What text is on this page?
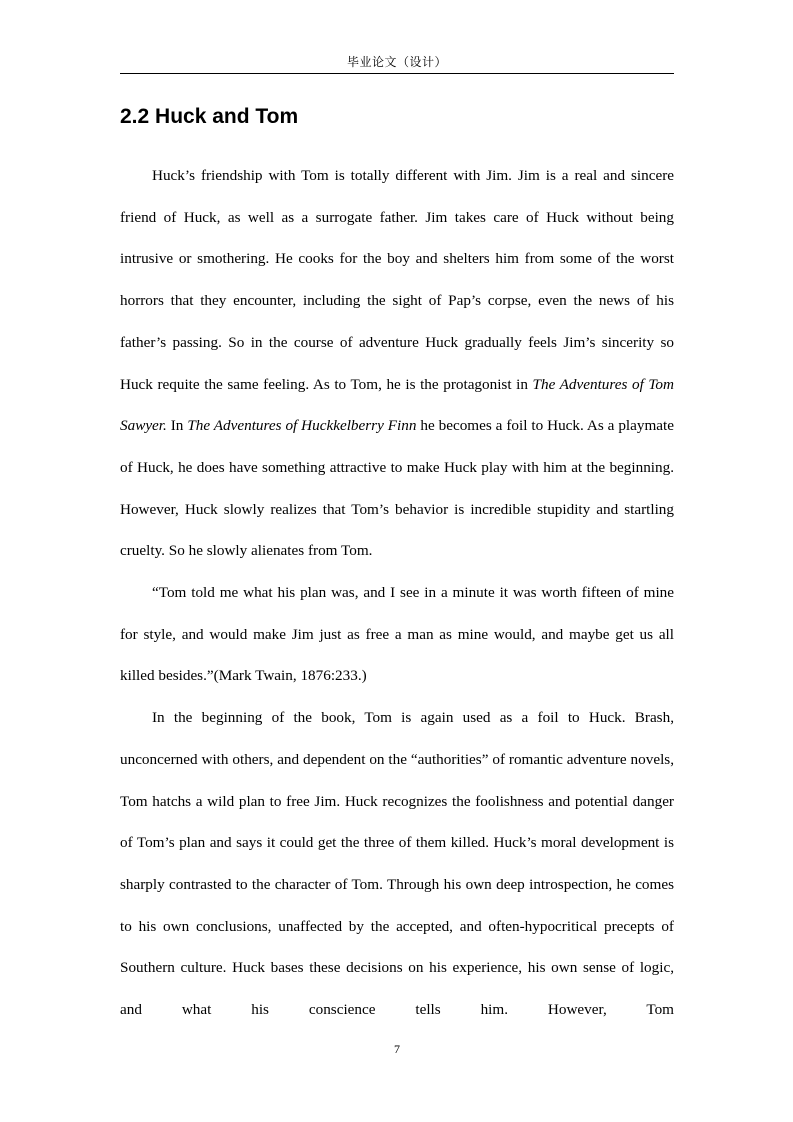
毕业论文（设计）
2.2 Huck and Tom

Huck’s friendship with Tom is totally different with Jim. Jim is a real and sincere friend of Huck, as well as a surrogate father. Jim takes care of Huck without being intrusive or smothering. He cooks for the boy and shelters him from some of the worst horrors that they encounter, including the sight of Pap’s corpse, even the news of his father’s passing. So in the course of adventure Huck gradually feels Jim’s sincerity so Huck requite the same feeling. As to Tom, he is the protagonist in The Adventures of Tom Sawyer. In The Adventures of Huckkelberry Finn he becomes a foil to Huck. As a playmate of Huck, he does have something attractive to make Huck play with him at the beginning. However, Huck slowly realizes that Tom’s behavior is incredible stupidity and startling cruelty. So he slowly alienates from Tom.

“Tom told me what his plan was, and I see in a minute it was worth fifteen of mine for style, and would make Jim just as free a man as mine would, and maybe get us all killed besides.”(Mark Twain, 1876:233.)

In the beginning of the book, Tom is again used as a foil to Huck. Brash, unconcerned with others, and dependent on the “authorities” of romantic adventure novels, Tom hatchs a wild plan to free Jim. Huck recognizes the foolishness and potential danger of Tom’s plan and says it could get the three of them killed. Huck’s moral development is sharply contrasted to the character of Tom. Through his own deep introspection, he comes to his own conclusions, unaffected by the accepted, and often-hypocritical precepts of Southern culture. Huck bases these decisions on his experience, his own sense of logic, and what his conscience tells him. However, Tom

7
